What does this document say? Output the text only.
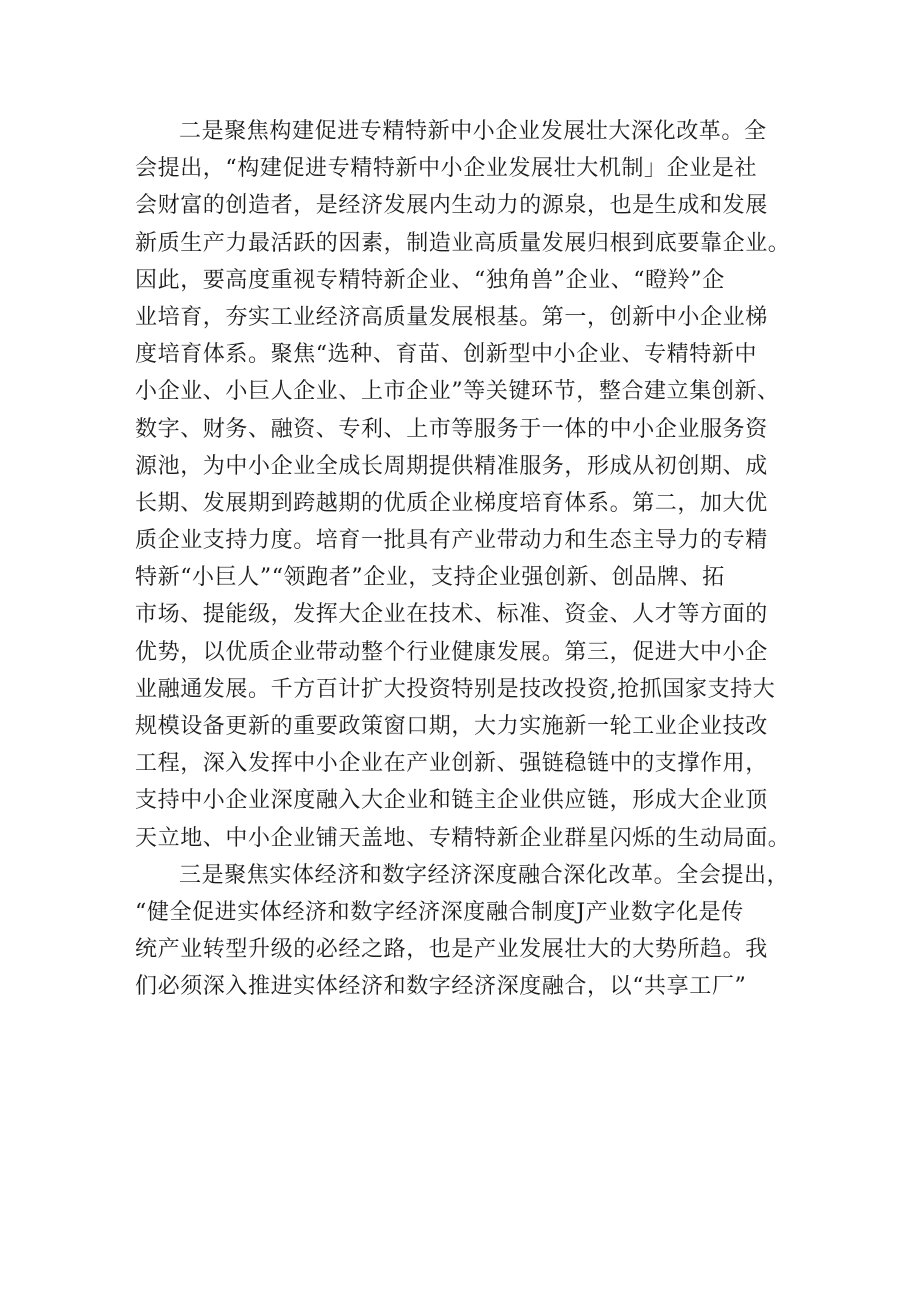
二是聚焦构建促进专精特新中小企业发展壮大深化改革。全
会提出，“构建促进专精特新中小企业发展壮大机制」企业是社
会财富的创造者，是经济发展内生动力的源泉，也是生成和发展
新质生产力最活跃的因素，制造业高质量发展归根到底要靠企业。
因此，要高度重视专精特新企业、“独角兽”企业、“瞪羚”企
业培育，夯实工业经济高质量发展根基。第一，创新中小企业梯
度培育体系。聚焦“选种、育苗、创新型中小企业、专精特新中
小企业、小巨人企业、上市企业”等关键环节，整合建立集创新、
数字、财务、融资、专利、上市等服务于一体的中小企业服务资
源池，为中小企业全成长周期提供精准服务，形成从初创期、成
长期、发展期到跨越期的优质企业梯度培育体系。第二，加大优
质企业支持力度。培育一批具有产业带动力和生态主导力的专精
特新“小巨人”“领跑者”企业，支持企业强创新、创品牌、拓
市场、提能级，发挥大企业在技术、标准、资金、人才等方面的
优势，以优质企业带动整个行业健康发展。第三，促进大中小企
业融通发展。千方百计扩大投资特别是技改投资,抢抓国家支持大
规模设备更新的重要政策窗口期，大力实施新一轮工业企业技改
工程，深入发挥中小企业在产业创新、强链稳链中的支撑作用，
支持中小企业深度融入大企业和链主企业供应链，形成大企业顶
天立地、中小企业铺天盖地、专精特新企业群星闪烁的生动局面。
三是聚焦实体经济和数字经济深度融合深化改革。全会提出，
“健全促进实体经济和数字经济深度融合制度J产业数字化是传
统产业转型升级的必经之路，也是产业发展壮大的大势所趋。我
们必须深入推进实体经济和数字经济深度融合，以“共享工厂”
